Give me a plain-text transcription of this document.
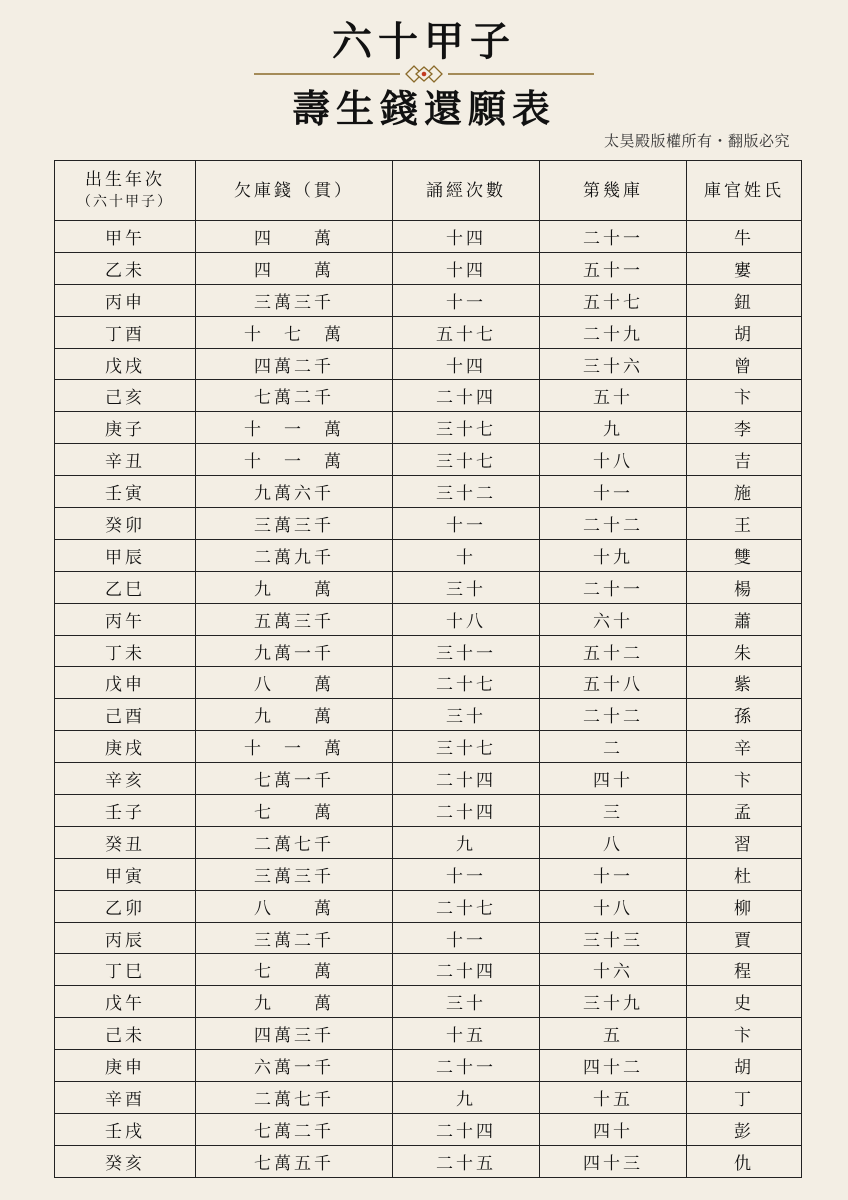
六十甲子
壽生錢還願表
太昊殿版權所有・翻版必究
出生年次
（六十甲子）	欠庫錢（貫）	誦經次數	第幾庫	庫官姓氏
甲午	四　　萬	十四	二十一	牛
乙未	四　　萬	十四	五十一	寠
丙申	三萬三千	十一	五十七	鈕
丁酉	十　七　萬	五十七	二十九	胡
戊戌	四萬二千	十四	三十六	曾
己亥	七萬二千	二十四	五十	卞
庚子	十　一　萬	三十七	九	李
辛丑	十　一　萬	三十七	十八	吉
壬寅	九萬六千	三十二	十一	施
癸卯	三萬三千	十一	二十二	王
甲辰	二萬九千	十	十九	雙
乙巳	九　　萬	三十	二十一	楊
丙午	五萬三千	十八	六十	蕭
丁未	九萬一千	三十一	五十二	朱
戊申	八　　萬	二十七	五十八	紫
己酉	九　　萬	三十	二十二	孫
庚戌	十　一　萬	三十七	二	辛
辛亥	七萬一千	二十四	四十	卞
壬子	七　　萬	二十四	三	孟
癸丑	二萬七千	九	八	習
甲寅	三萬三千	十一	十一	杜
乙卯	八　　萬	二十七	十八	柳
丙辰	三萬二千	十一	三十三	賈
丁巳	七　　萬	二十四	十六	程
戊午	九　　萬	三十	三十九	史
己未	四萬三千	十五	五	卞
庚申	六萬一千	二十一	四十二	胡
辛酉	二萬七千	九	十五	丁
壬戌	七萬二千	二十四	四十	彭
癸亥	七萬五千	二十五	四十三	仇
